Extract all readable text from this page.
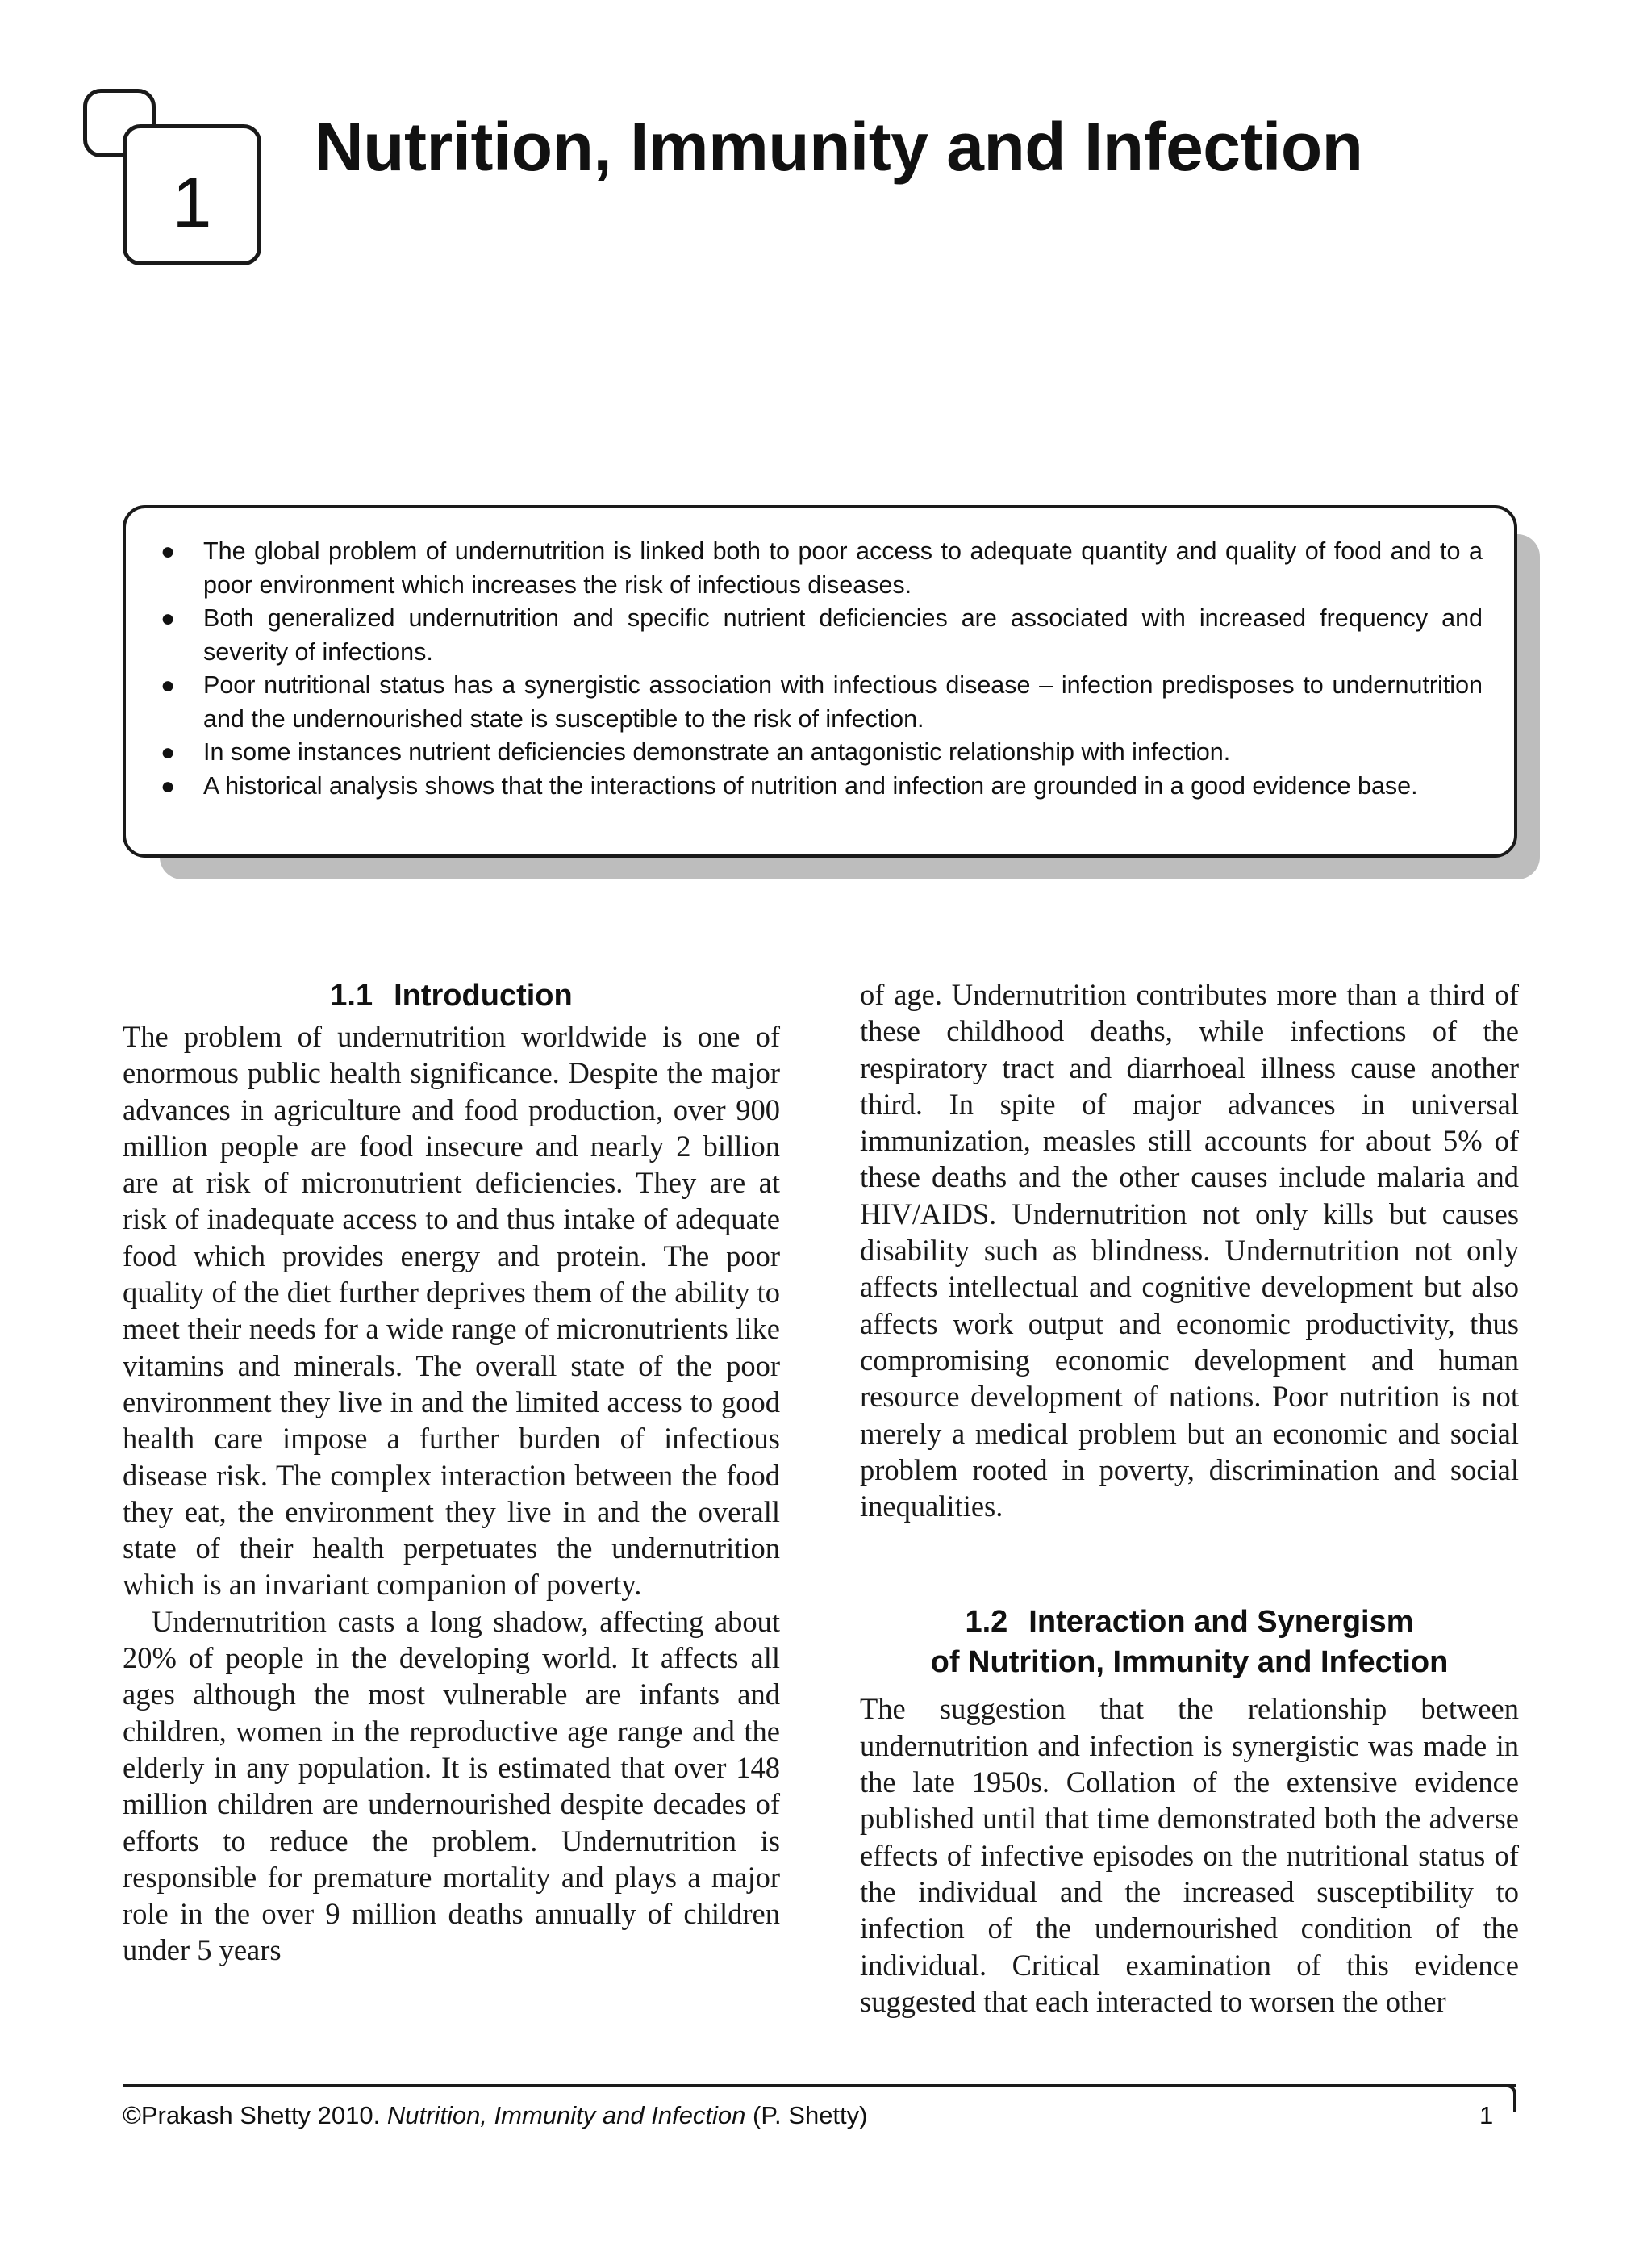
1
Nutrition, Immunity and Infection
● The global problem of undernutrition is linked both to poor access to adequate quantity and quality of food and to a poor environment which increases the risk of infectious diseases.
● Both generalized undernutrition and specific nutrient deficiencies are associated with increased frequency and severity of infections.
● Poor nutritional status has a synergistic association with infectious disease – infection predisposes to undernutrition and the undernourished state is susceptible to the risk of infection.
● In some instances nutrient deficiencies demonstrate an antagonistic relationship with infection.
● A historical analysis shows that the interactions of nutrition and infection are grounded in a good evidence base.
1.1 Introduction

The problem of undernutrition worldwide is one of enormous public health significance. Despite the major advances in agriculture and food production, over 900 million people are food insecure and nearly 2 billion are at risk of micronutrient deficiencies. They are at risk of inadequate access to and thus intake of adequate food which provides energy and protein. The poor quality of the diet further deprives them of the ability to meet their needs for a wide range of micronutrients like vitamins and minerals. The overall state of the poor environment they live in and the limited access to good health care impose a further burden of infectious disease risk. The complex interaction between the food they eat, the environment they live in and the overall state of their health perpetuates the undernutrition which is an invariant companion of poverty.

Undernutrition casts a long shadow, affecting about 20% of people in the developing world. It affects all ages although the most vulnerable are infants and children, women in the reproductive age range and the elderly in any population. It is estimated that over 148 million children are undernourished despite decades of efforts to reduce the problem. Undernutrition is responsible for premature mortality and plays a major role in the over 9 million deaths annually of children under 5 years

of age. Undernutrition contributes more than a third of these childhood deaths, while infections of the respiratory tract and diarrhoeal illness cause another third. In spite of major advances in universal immunization, measles still accounts for about 5% of these deaths and the other causes include malaria and HIV/AIDS. Undernutrition not only kills but causes disability such as blindness. Undernutrition not only affects intellectual and cognitive development but also affects work output and economic productivity, thus compromising economic development and human resource development of nations. Poor nutrition is not merely a medical problem but an economic and social problem rooted in poverty, discrimination and social inequalities.

1.2 Interaction and Synergism
of Nutrition, Immunity and Infection

The suggestion that the relationship between undernutrition and infection is synergistic was made in the late 1950s. Collation of the extensive evidence published until that time demonstrated both the adverse effects of infective episodes on the nutritional status of the individual and the increased susceptibility to infection of the undernourished condition of the individual. Critical examination of this evidence suggested that each interacted to worsen the other

©Prakash Shetty 2010. Nutrition, Immunity and Infection (P. Shetty)	1
